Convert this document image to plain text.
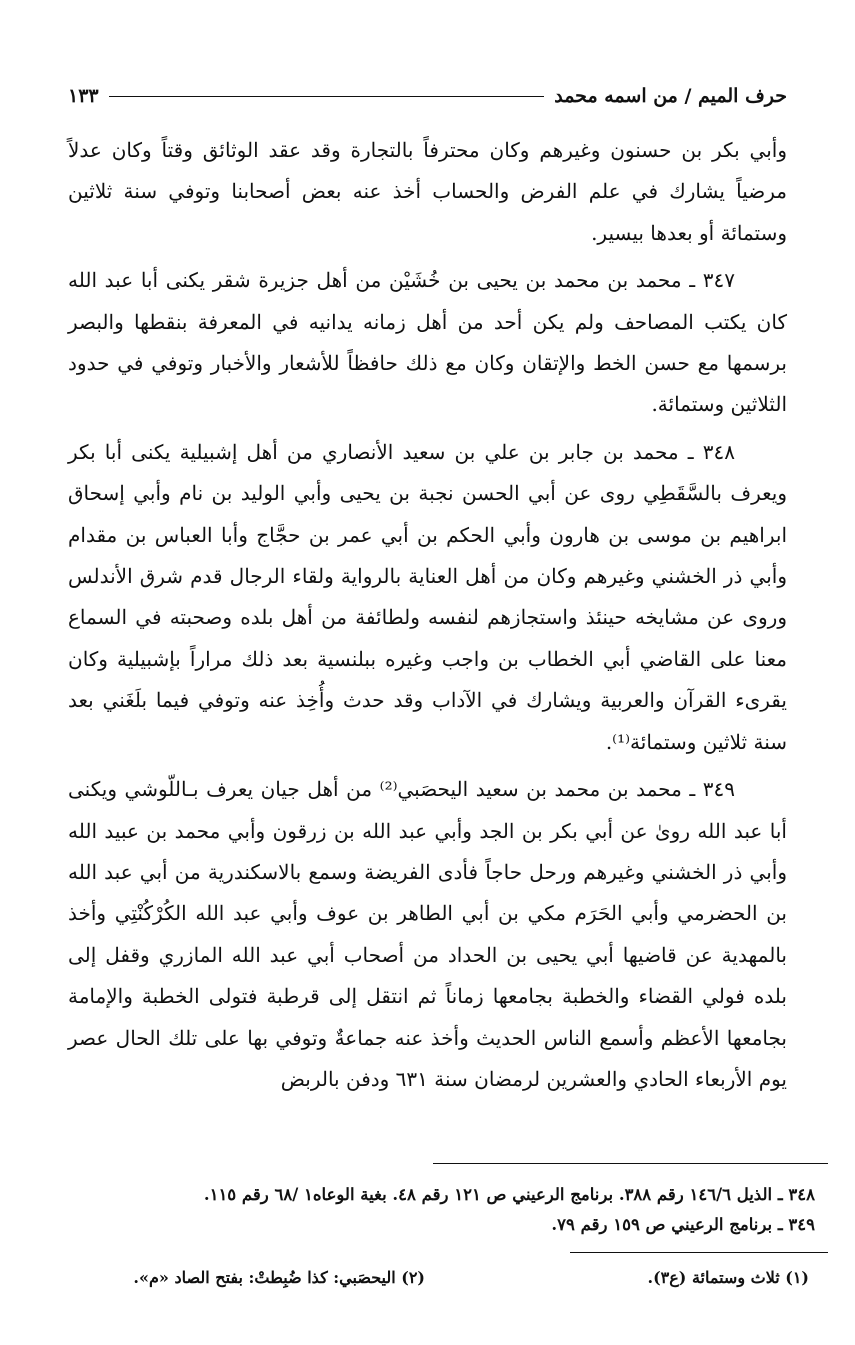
حرف الميم / من اسمه محمد
١٣٣

وأبي بكر بن حسنون وغيرهم وكان محترفاً بالتجارة وقد عقد الوثائق وقتاً وكان عدلاً مرضياً يشارك في علم الفرض والحساب أخذ عنه بعض أصحابنا وتوفي سنة ثلاثين وستمائة أو بعدها بيسير.

٣٤٧ ـ محمد بن محمد بن يحيى بن خُشَيْن من أهل جزيرة شقر يكنى أبا عبد الله كان يكتب المصاحف ولم يكن أحد من أهل زمانه يدانيه في المعرفة بنقطها والبصر برسمها مع حسن الخط والإتقان وكان مع ذلك حافظاً للأشعار والأخبار وتوفي في حدود الثلاثين وستمائة.

٣٤٨ ـ محمد بن جابر بن علي بن سعيد الأنصاري من أهل إشبيلية يكنى أبا بكر ويعرف بالسَّقَطِي روى عن أبي الحسن نجبة بن يحيى وأبي الوليد بن نام وأبي إسحاق ابراهيم بن موسى بن هارون وأبي الحكم بن أبي عمر بن حجَّاج وأبا العباس بن مقدام وأبي ذر الخشني وغيرهم وكان من أهل العناية بالرواية ولقاء الرجال قدم شرق الأندلس وروى عن مشايخه حينئذ واستجازهم لنفسه ولطائفة من أهل بلده وصحبته في السماع معنا على القاضي أبي الخطاب بن واجب وغيره ببلنسية بعد ذلك مراراً بإشبيلية وكان يقرىء القرآن والعربية ويشارك في الآداب وقد حدث وأُخِذ عنه وتوفي فيما بلَغَني بعد سنة ثلاثين وستمائة⁽¹⁾.

٣٤٩ ـ محمد بن محمد بن سعيد اليحصَبي⁽²⁾ من أهل جيان يعرف بـاللّوشي ويكنى أبا عبد الله روىٰ عن أبي بكر بن الجد وأبي عبد الله بن زرقون وأبي محمد بن عبيد الله وأبي ذر الخشني وغيرهم ورحل حاجاً فأدى الفريضة وسمع بالاسكندرية من أبي عبد الله بن الحضرمي وأبي الحَرَم مكي بن أبي الطاهر بن عوف وأبي عبد الله الكُرْكُنْتِي وأخذ بالمهدية عن قاضيها أبي يحيى بن الحداد من أصحاب أبي عبد الله المازري وقفل إلى بلده فولي القضاء والخطبة بجامعها زماناً ثم انتقل إلى قرطبة فتولى الخطبة والإمامة بجامعها الأعظم وأسمع الناس الحديث وأخذ عنه جماعةٌ وتوفي بها على تلك الحال عصر يوم الأربعاء الحادي والعشرين لرمضان سنة ٦٣١ ودفن بالربض

٣٤٨ ـ الذيل ١٤٦/٦ رقم ٣٨٨. برنامج الرعيني ص ١٢١ رقم ٤٨. بغية الوعاه١ /٦٨ رقم ١١٥.
٣٤٩ ـ برنامج الرعيني ص ١٥٩ رقم ٧٩.
(١) ثلاث وستمائة (ع٣).
(٢) اليحصَبي: كذا ضُبِطتْ: بفتح الصاد «م».
